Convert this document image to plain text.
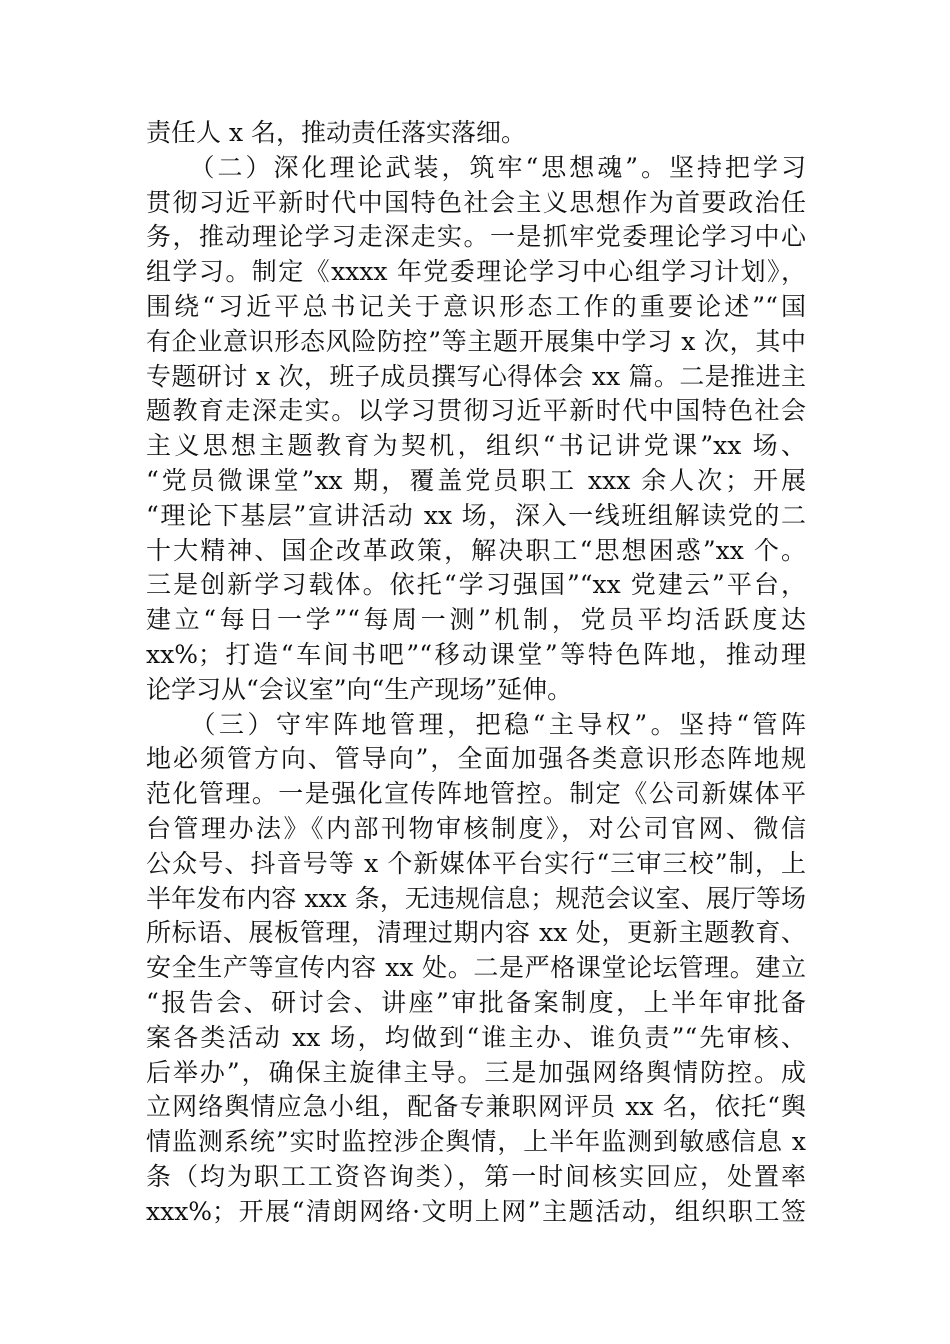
责任人 x 名，推动责任落实落细。
　　（二）深化理论武装，筑牢“思想魂”。坚持把学习
贯彻习近平新时代中国特色社会主义思想作为首要政治任
务，推动理论学习走深走实。一是抓牢党委理论学习中心
组学习。制定《xxxx 年党委理论学习中心组学习计划》，
围绕“习近平总书记关于意识形态工作的重要论述”“国
有企业意识形态风险防控”等主题开展集中学习 x 次，其中
专题研讨 x 次，班子成员撰写心得体会 xx 篇。二是推进主
题教育走深走实。以学习贯彻习近平新时代中国特色社会
主义思想主题教育为契机，组织“书记讲党课”xx 场、
“党员微课堂”xx 期，覆盖党员职工 xxx 余人次；开展
“理论下基层”宣讲活动 xx 场，深入一线班组解读党的二
十大精神、国企改革政策，解决职工“思想困惑”xx 个。
三是创新学习载体。依托“学习强国”“xx 党建云”平台，
建立“每日一学”“每周一测”机制，党员平均活跃度达
xx%；打造“车间书吧”“移动课堂”等特色阵地，推动理
论学习从“会议室”向“生产现场”延伸。
　　（三）守牢阵地管理，把稳“主导权”。坚持“管阵
地必须管方向、管导向”，全面加强各类意识形态阵地规
范化管理。一是强化宣传阵地管控。制定《公司新媒体平
台管理办法》《内部刊物审核制度》，对公司官网、微信
公众号、抖音号等 x 个新媒体平台实行“三审三校”制，上
半年发布内容 xxx 条，无违规信息；规范会议室、展厅等场
所标语、展板管理，清理过期内容 xx 处，更新主题教育、
安全生产等宣传内容 xx 处。二是严格课堂论坛管理。建立
“报告会、研讨会、讲座”审批备案制度，上半年审批备
案各类活动 xx 场，均做到“谁主办、谁负责”“先审核、
后举办”，确保主旋律主导。三是加强网络舆情防控。成
立网络舆情应急小组，配备专兼职网评员 xx 名，依托“舆
情监测系统”实时监控涉企舆情，上半年监测到敏感信息 x
条（均为职工工资咨询类），第一时间核实回应，处置率
xxx%；开展“清朗网络·文明上网”主题活动，组织职工签
